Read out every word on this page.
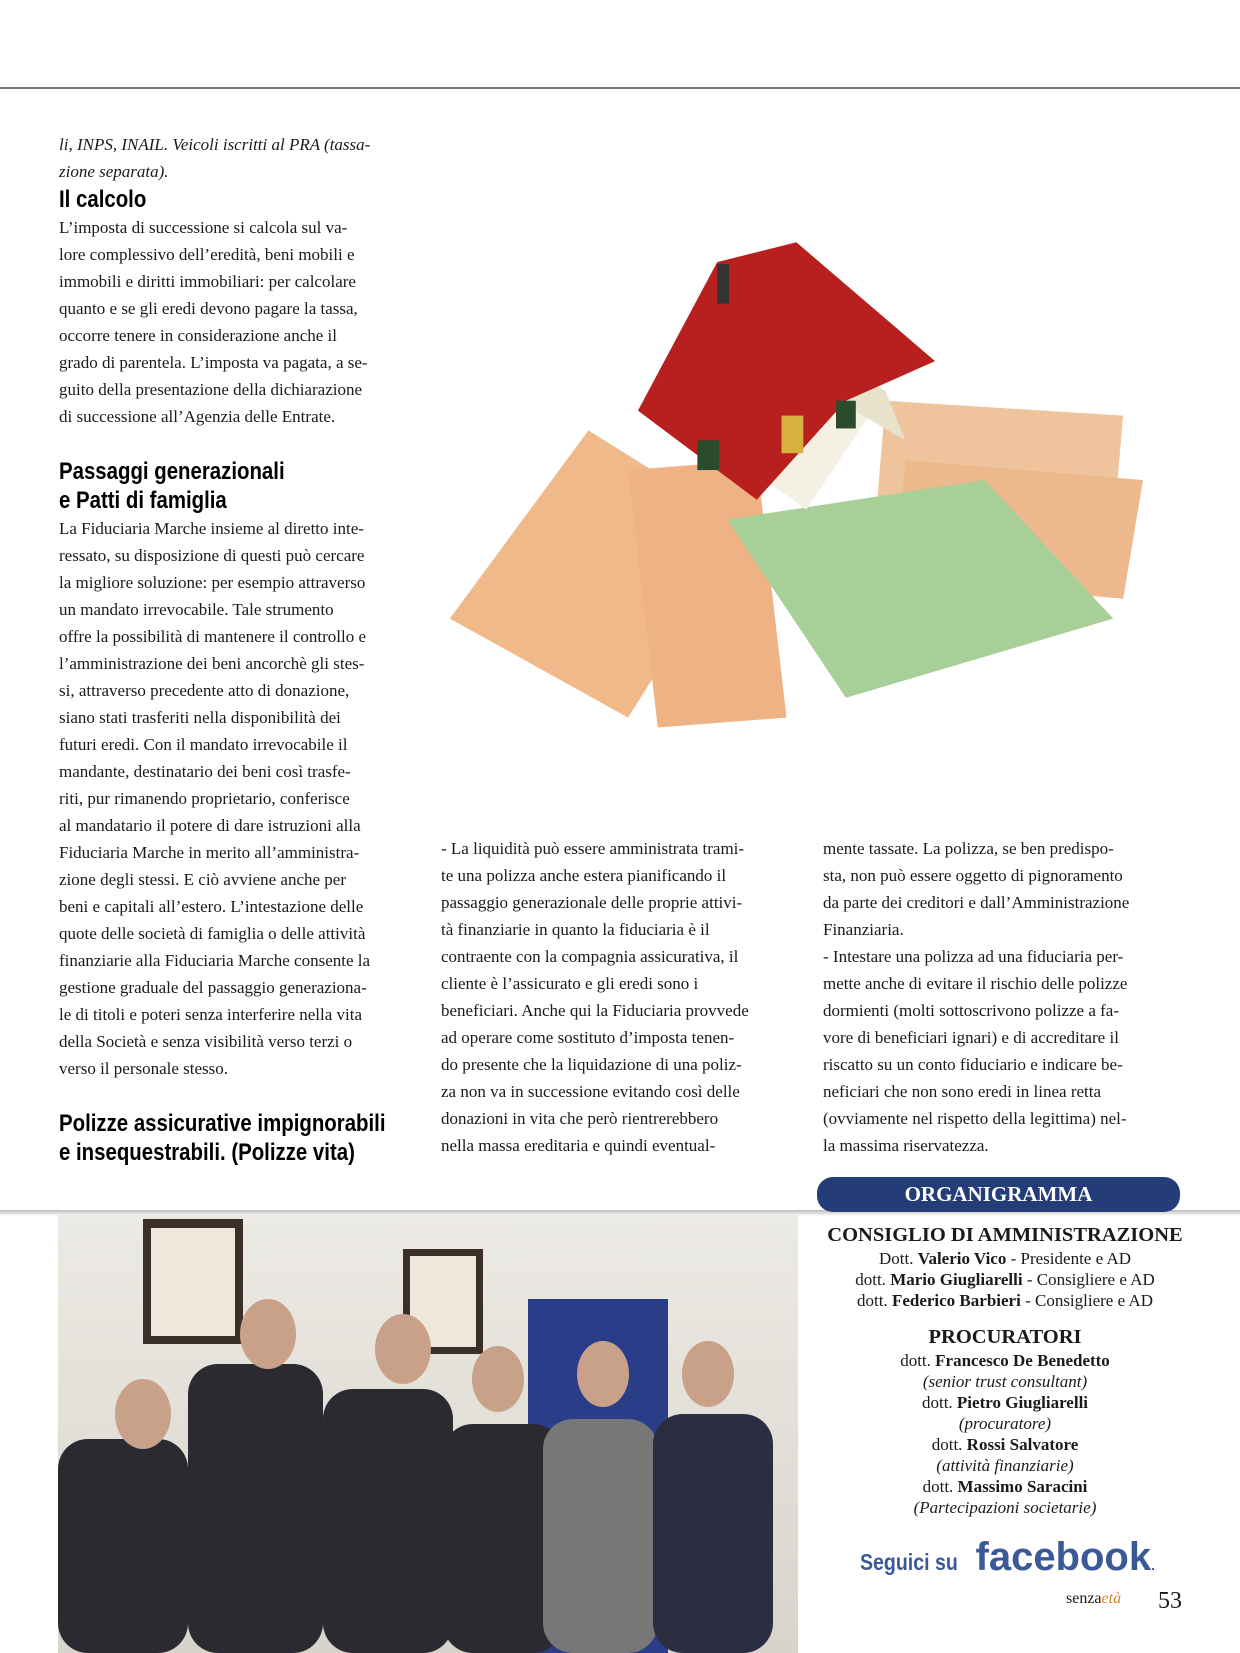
li, INPS, INAIL. Veicoli iscritti al PRA (tassa-
zione separata).

Il calcolo

L’imposta di successione si calcola sul va-
lore complessivo dell’eredità, beni mobili e
immobili e diritti immobiliari: per calcolare
quanto e se gli eredi devono pagare la tassa,
occorre tenere in considerazione anche il
grado di parentela. L’imposta va pagata, a se-
guito della presentazione della dichiarazione
di successione all’Agenzia delle Entrate.

Passaggi generazionali
e Patti di famiglia

La Fiduciaria Marche insieme al diretto inte-
ressato, su disposizione di questi può cercare
la migliore soluzione: per esempio attraverso
un mandato irrevocabile. Tale strumento
offre la possibilità di mantenere il controllo e
l’amministrazione dei beni ancorchè gli stes-
si, attraverso precedente atto di donazione,
siano stati trasferiti nella disponibilità dei
futuri eredi. Con il mandato irrevocabile il
mandante, destinatario dei beni così trasfe-
riti, pur rimanendo proprietario, conferisce
al mandatario il potere di dare istruzioni alla
Fiduciaria Marche in merito all’amministra-
zione degli stessi. E ciò avviene anche per
beni e capitali all’estero. L’intestazione delle
quote delle società di famiglia o delle attività
finanziarie alla Fiduciaria Marche consente la
gestione graduale del passaggio generaziona-
le di titoli e poteri senza interferire nella vita
della Società e senza visibilità verso terzi o
verso il personale stesso.

Polizze assicurative impignorabili
e insequestrabili. (Polizze vita)

- La liquidità può essere amministrata trami-
te una polizza anche estera pianificando il
passaggio generazionale delle proprie attivi-
tà finanziarie in quanto la fiduciaria è il
contraente con la compagnia assicurativa, il
cliente è l’assicurato e gli eredi sono i
beneficiari. Anche qui la Fiduciaria provvede
ad operare come sostituto d’imposta tenen-
do presente che la liquidazione di una poliz-
za non va in successione evitando così delle
donazioni in vita che però rientrerebbero
nella massa ereditaria e quindi eventual-

mente tassate. La polizza, se ben predispo-
sta, non può essere oggetto di pignoramento
da parte dei creditori e dall’Amministrazione
Finanziaria.
- Intestare una polizza ad una fiduciaria per-
mette anche di evitare il rischio delle polizze
dormienti (molti sottoscrivono polizze a fa-
vore di beneficiari ignari) e di accreditare il
riscatto su un conto fiduciario e indicare be-
neficiari che non sono eredi in linea retta
(ovviamente nel rispetto della legittima) nel-
la massima riservatezza.

ORGANIGRAMMA
CONSIGLIO DI AMMINISTRAZIONE
Dott. Valerio Vico - Presidente e AD
dott. Mario Giugliarelli - Consigliere e AD
dott. Federico Barbieri - Consigliere e AD
PROCURATORI
dott. Francesco De Benedetto
(senior trust consultant)
dott. Pietro Giugliarelli
(procuratore)
dott. Rossi Salvatore
(attività finanziarie)
dott. Massimo Saracini
(Partecipazioni societarie)
Seguici su facebook.
senzaetà 53
